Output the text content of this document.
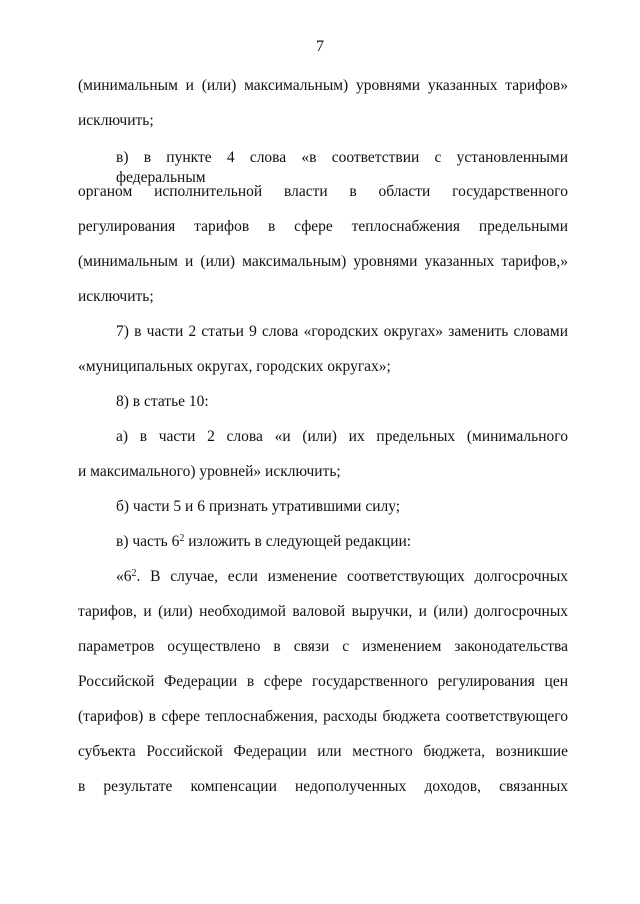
7
(минимальным и (или) максимальным) уровнями указанных тарифов»
исключить;
в) в пункте 4 слова «в соответствии с установленными федеральным
органом исполнительной власти в области государственного
регулирования тарифов в сфере теплоснабжения предельными
(минимальным и (или) максимальным) уровнями указанных тарифов,»
исключить;
7) в части 2 статьи 9 слова «городских округах» заменить словами
«муниципальных округах, городских округах»;
8) в статье 10:
а) в части 2 слова «и (или) их предельных (минимального
и максимального) уровней» исключить;
б) части 5 и 6 признать утратившими силу;
в) часть $6^2$ изложить в следующей редакции:
«$6^2$. В случае, если изменение соответствующих долгосрочных
тарифов, и (или) необходимой валовой выручки, и (или) долгосрочных
параметров осуществлено в связи с изменением законодательства
Российской Федерации в сфере государственного регулирования цен
(тарифов) в сфере теплоснабжения, расходы бюджета соответствующего
субъекта Российской Федерации или местного бюджета, возникшие
в результате компенсации недополученных доходов, связанных
